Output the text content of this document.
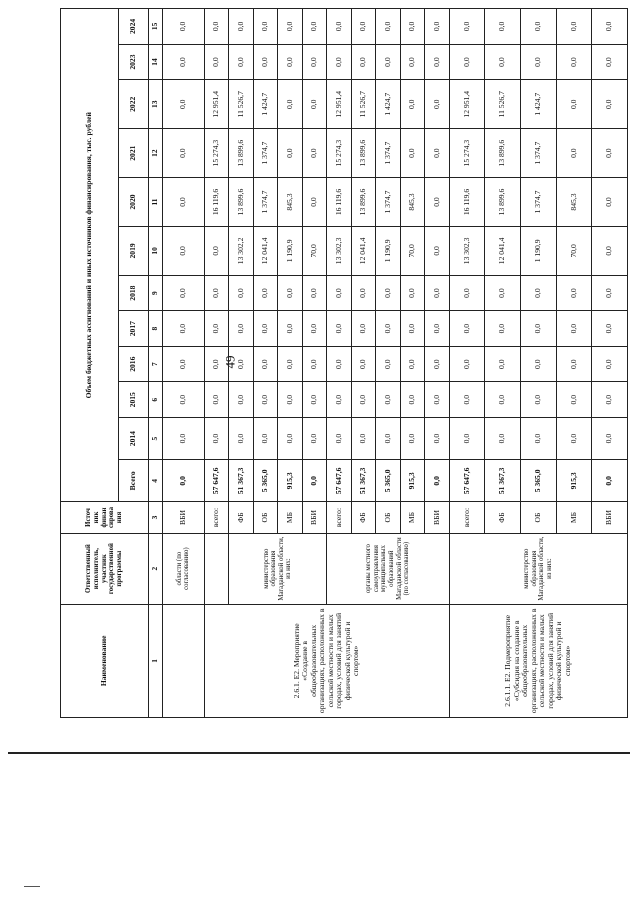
49
Наименование	Ответственный исполнитель, участник государственной программы	Источ ник финан сирова ния	Объем бюджетных ассигнований и иных источников финансирования, тыс. рублей											
			Всего	2014	2015	2016	2017	2018	2019	2020	2021	2022	2023	2024
1	2	3	4	5	6	7	8	9	10	11	12	13	14	15
	области (по согласованию)	ВБИ	0,0	0,0	0,0	0,0	0,0	0,0	0,0	0,0	0,0	0,0	0,0	0,0
2.6.1. Е2. Мероприятие «Создание в общеобразовательных организациях, расположенных в сельской местности и малых городах, условий для занятий физической культурой и спортом»		всего:	57 647,6	0,0	0,0	0,0	0,0	0,0	0,0	16 119,6	15 274,3	12 951,4	0,0	0,0
	министерство образования Магаданской области, из них:	ФБ	51 367,3	0,0	0,0	0,0	0,0	0,0	13 302,2	13 899,6	13 899,6	11 526,7	0,0	0,0
		ОБ	5 365,0	0,0	0,0	0,0	0,0	0,0	12 041,4	1 374,7	1 374,7	1 424,7	0,0	0,0
		МБ	915,3	0,0	0,0	0,0	0,0	0,0	1 190,9	845,3	0,0	0,0	0,0	0,0
		ВБИ	0,0	0,0	0,0	0,0	0,0	0,0	70,0	0,0	0,0	0,0	0,0	0,0
	органы местного самоуправления муниципальных образований Магаданской области (по согласованию)	всего:	57 647,6	0,0	0,0	0,0	0,0	0,0	13 302,3	16 119,6	15 274,3	12 951,4	0,0	0,0
		ФБ	51 367,3	0,0	0,0	0,0	0,0	0,0	12 041,4	13 899,6	13 899,6	11 526,7	0,0	0,0
		ОБ	5 365,0	0,0	0,0	0,0	0,0	0,0	1 190,9	1 374,7	1 374,7	1 424,7	0,0	0,0
		МБ	915,3	0,0	0,0	0,0	0,0	0,0	70,0	845,3	0,0	0,0	0,0	0,0
		ВБИ	0,0	0,0	0,0	0,0	0,0	0,0	0,0	0,0	0,0	0,0	0,0	0,0
2.6.1.1. Е2. Подмероприятие «Субсидия на создание в общеобразовательных организациях, расположенных в сельской местности и малых городах, условий для занятий физической культурой и спортом»	министерство образования Магаданской области, из них:	всего:	57 647,6	0,0	0,0	0,0	0,0	0,0	13 302,3	16 119,6	15 274,3	12 951,4	0,0	0,0
		ФБ	51 367,3	0,0	0,0	0,0	0,0	0,0	12 041,4	13 899,6	13 899,6	11 526,7	0,0	0,0
		ОБ	5 365,0	0,0	0,0	0,0	0,0	0,0	1 190,9	1 374,7	1 374,7	1 424,7	0,0	0,0
		МБ	915,3	0,0	0,0	0,0	0,0	0,0	70,0	845,3	0,0	0,0	0,0	0,0
		ВБИ	0,0	0,0	0,0	0,0	0,0	0,0	0,0	0,0	0,0	0,0	0,0	0,0
